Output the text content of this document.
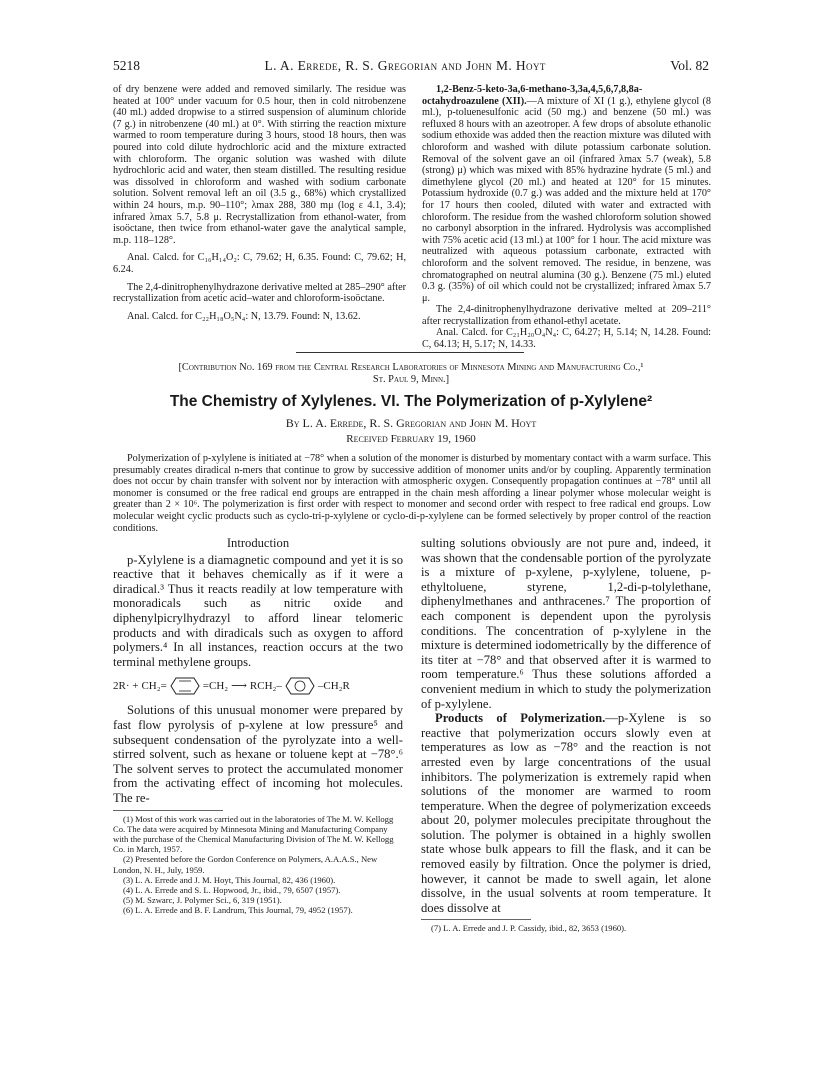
5218	L. A. Errede, R. S. Gregorian and John M. Hoyt	Vol. 82

of dry benzene were added and removed similarly. The residue was heated at 100° under vacuum for 0.5 hour, then in cold nitrobenzene (40 ml.) added dropwise to a stirred suspension of aluminum chloride (7 g.) in nitrobenzene (40 ml.) at 0°. With stirring the reaction mixture warmed to room temperature during 3 hours, stood 18 hours, then was poured into cold dilute hydrochloric acid and the mixture extracted with chloroform. The organic solution was washed with dilute hydrochloric acid and water, then steam distilled. The resulting residue was dissolved in chloroform and washed with sodium carbonate solution. Solvent removal left an oil (3.5 g., 68%) which crystallized within 24 hours, m.p. 90–110°; λmax 288, 380 mμ (log ε 4.1, 3.4); infrared λmax 5.7, 5.8 μ. Recrystallization from ethanol-water, from isoöctane, then twice from ethanol-water gave the analytical sample, m.p. 118–128°.

Anal. Calcd. for C₁₆H₁₄O₂: C, 79.62; H, 6.35. Found: C, 79.62; H, 6.24.

The 2,4-dinitrophenylhydrazone derivative melted at 285–290° after recrystallization from acetic acid–water and chloroform-isoöctane.

Anal. Calcd. for C₂₂H₁₈O₅N₄: N, 13.79. Found: N, 13.62.

1,2-Benz-5-keto-3a,6-methano-3,3a,4,5,6,7,8,8a-octahydroazulene (XII).—A mixture of XI (1 g.), ethylene glycol (8 ml.), p-toluenesulfonic acid (50 mg.) and benzene (50 ml.) was refluxed 8 hours with an azeotroper. A few drops of absolute ethanolic sodium ethoxide was added then the reaction mixture was diluted with chloroform and washed with dilute potassium carbonate solution. Removal of the solvent gave an oil (infrared λmax 5.7 (weak), 5.8 (strong) μ) which was mixed with 85% hydrazine hydrate (5 ml.) and dimethylene glycol (20 ml.) and heated at 120° for 15 minutes. Potassium hydroxide (0.7 g.) was added and the mixture held at 170° for 17 hours then cooled, diluted with water and extracted with chloroform. The residue from the washed chloroform solution showed no carbonyl absorption in the infrared. Hydrolysis was accomplished with 75% acetic acid (13 ml.) at 100° for 1 hour. The acid mixture was neutralized with aqueous potassium carbonate, extracted with chloroform and the solvent removed. The residue, in benzene, was chromatographed on neutral alumina (30 g.). Benzene (75 ml.) eluted 0.3 g. (35%) of oil which could not be crystallized; infrared λmax 5.7 μ.

The 2,4-dinitrophenylhydrazone derivative melted at 209–211° after recrystallization from ethanol-ethyl acetate.

Anal. Calcd. for C₂₁H₂₀O₄N₄: C, 64.27; H, 5.14; N, 14.28. Found: C, 64.13; H, 5.17; N, 14.33.

[Contribution No. 169 from the Central Research Laboratories of Minnesota Mining and Manufacturing Co.,¹
St. Paul 9, Minn.]
The Chemistry of Xylylenes. VI. The Polymerization of p-Xylylene²
By L. A. Errede, R. S. Gregorian and John M. Hoyt
Received February 19, 1960

Polymerization of p-xylylene is initiated at −78° when a solution of the monomer is disturbed by momentary contact with a warm surface. This presumably creates diradical n-mers that continue to grow by successive addition of monomer units and/or by coupling. Apparently termination does not occur by chain transfer with solvent nor by interaction with atmospheric oxygen. Consequently propagation continues at −78° until all monomer is consumed or the free radical end groups are entrapped in the chain mesh affording a linear polymer whose molecular weight is greater than 2 × 10⁶. The polymerization is first order with respect to monomer and second order with respect to free radical end groups. Low molecular weight cyclic products such as cyclo-tri-p-xylylene or cyclo-di-p-xylylene can be formed selectively by proper control of the reaction conditions.

Introduction

p-Xylylene is a diamagnetic compound and yet it is so reactive that it behaves chemically as if it were a diradical.³ Thus it reacts readily at low temperature with monoradicals such as nitric oxide and diphenylpicrylhydrazyl to afford linear telomeric products and with diradicals such as oxygen to afford polymers.⁴ In all instances, reaction occurs at the two terminal methylene groups.

2R· + CH₂=	=CH₂ ⟶ RCH₂–	–CH₂R

Solutions of this unusual monomer were prepared by fast flow pyrolysis of p-xylene at low pressure⁵ and subsequent condensation of the pyrolyzate into a well-stirred solvent, such as hexane or toluene kept at −78°.⁶ The solvent serves to protect the accumulated monomer from the activating effect of incoming hot molecules. The re-

(1) Most of this work was carried out in the laboratories of The M. W. Kellogg Co. The data were acquired by Minnesota Mining and Manufacturing Company with the purchase of the Chemical Manufacturing Division of The M. W. Kellogg Co. in March, 1957.

(2) Presented before the Gordon Conference on Polymers, A.A.A.S., New London, N. H., July, 1959.

(3) L. A. Errede and J. M. Hoyt, This Journal, 82, 436 (1960).

(4) L. A. Errede and S. L. Hopwood, Jr., ibid., 79, 6507 (1957).

(5) M. Szwarc, J. Polymer Sci., 6, 319 (1951).

(6) L. A. Errede and B. F. Landrum, This Journal, 79, 4952 (1957).

sulting solutions obviously are not pure and, indeed, it was shown that the condensable portion of the pyrolyzate is a mixture of p-xylene, p-xylylene, toluene, p-ethyltoluene, styrene, 1,2-di-p-tolylethane, diphenylmethanes and anthracenes.⁷ The proportion of each component is dependent upon the pyrolysis conditions. The concentration of p-xylylene in the mixture is determined iodometrically by the difference of its titer at −78° and that observed after it is warmed to room temperature.⁶ Thus these solutions afforded a convenient medium in which to study the polymerization of p-xylylene.

Products of Polymerization.—p-Xylene is so reactive that polymerization occurs slowly even at temperatures as low as −78° and the reaction is not arrested even by large concentrations of the usual inhibitors. The polymerization is extremely rapid when solutions of the monomer are warmed to room temperature. When the degree of polymerization exceeds about 20, polymer molecules precipitate throughout the solution. The polymer is obtained in a highly swollen state whose bulk appears to fill the flask, and it can be removed easily by filtration. Once the polymer is dried, however, it cannot be made to swell again, let alone dissolve, in the usual solvents at room temperature. It does dissolve at

(7) L. A. Errede and J. P. Cassidy, ibid., 82, 3653 (1960).
